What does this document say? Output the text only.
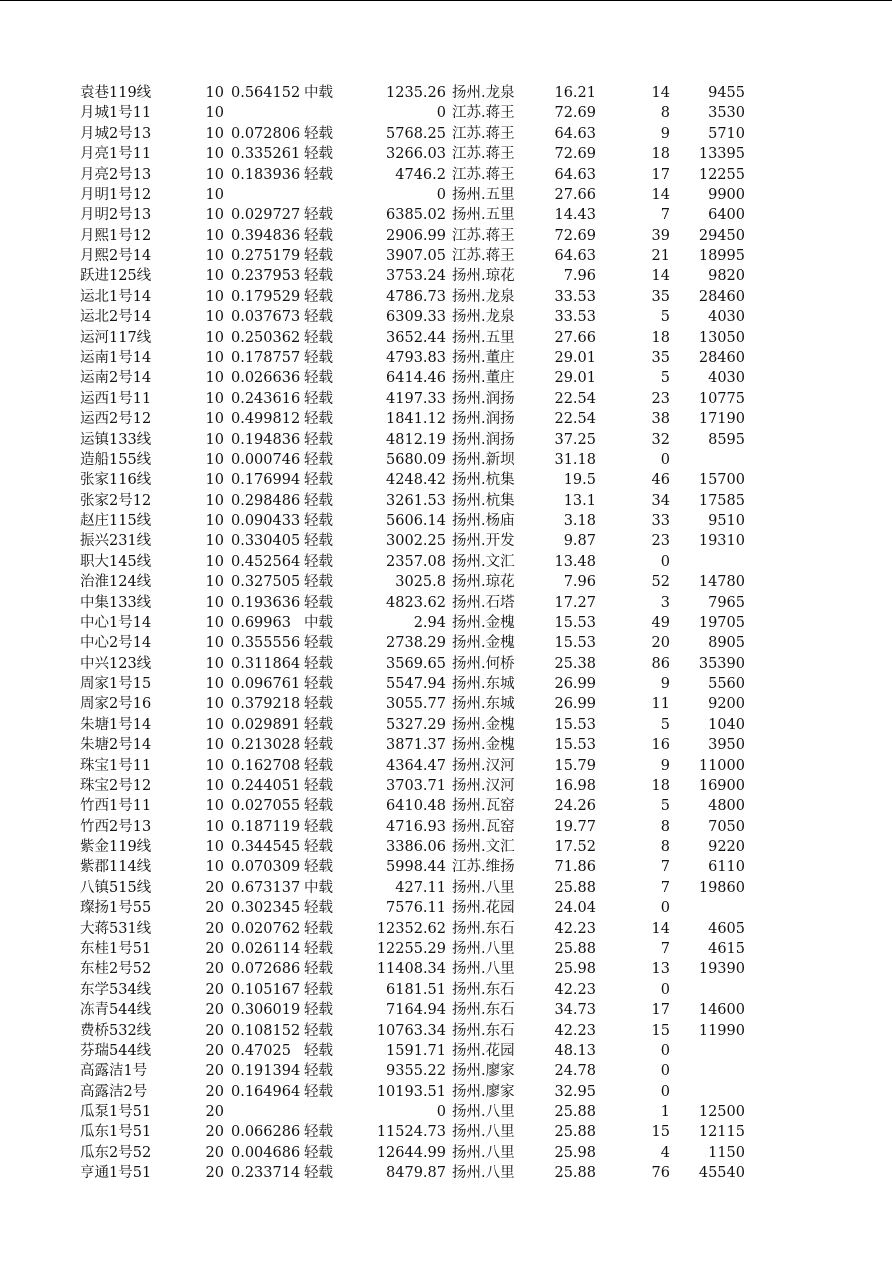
袁巷119线	10 0.564152 中载	1235.26 扬州.龙泉	16.21	14	9455
月城1号11	10	0 江苏.蒋王	72.69	8	3530
月城2号13	10 0.072806 轻载	5768.25 江苏.蒋王	64.63	9	5710
月亮1号11	10 0.335261 轻载	3266.03 江苏.蒋王	72.69	18	13395
月亮2号13	10 0.183936 轻载	4746.2 江苏.蒋王	64.63	17	12255
月明1号12	10	0 扬州.五里	27.66	14	9900
月明2号13	10 0.029727 轻载	6385.02 扬州.五里	14.43	7	6400
月熙1号12	10 0.394836 轻载	2906.99 江苏.蒋王	72.69	39	29450
月熙2号14	10 0.275179 轻载	3907.05 江苏.蒋王	64.63	21	18995
跃进125线	10 0.237953 轻载	3753.24 扬州.琼花	7.96	14	9820
运北1号14	10 0.179529 轻载	4786.73 扬州.龙泉	33.53	35	28460
运北2号14	10 0.037673 轻载	6309.33 扬州.龙泉	33.53	5	4030
运河117线	10 0.250362 轻载	3652.44 扬州.五里	27.66	18	13050
运南1号14	10 0.178757 轻载	4793.83 扬州.董庄	29.01	35	28460
运南2号14	10 0.026636 轻载	6414.46 扬州.董庄	29.01	5	4030
运西1号11	10 0.243616 轻载	4197.33 扬州.润扬	22.54	23	10775
运西2号12	10 0.499812 轻载	1841.12 扬州.润扬	22.54	38	17190
运镇133线	10 0.194836 轻载	4812.19 扬州.润扬	37.25	32	8595
造船155线	10 0.000746 轻载	5680.09 扬州.新坝	31.18	0
张家116线	10 0.176994 轻载	4248.42 扬州.杭集	19.5	46	15700
张家2号12	10 0.298486 轻载	3261.53 扬州.杭集	13.1	34	17585
赵庄115线	10 0.090433 轻载	5606.14 扬州.杨庙	3.18	33	9510
振兴231线	10 0.330405 轻载	3002.25 扬州.开发	9.87	23	19310
职大145线	10 0.452564 轻载	2357.08 扬州.文汇	13.48	0
治淮124线	10 0.327505 轻载	3025.8 扬州.琼花	7.96	52	14780
中集133线	10 0.193636 轻载	4823.62 扬州.石塔	17.27	3	7965
中心1号14	10 0.69963 中载	2.94 扬州.金槐	15.53	49	19705
中心2号14	10 0.355556 轻载	2738.29 扬州.金槐	15.53	20	8905
中兴123线	10 0.311864 轻载	3569.65 扬州.何桥	25.38	86	35390
周家1号15	10 0.096761 轻载	5547.94 扬州.东城	26.99	9	5560
周家2号16	10 0.379218 轻载	3055.77 扬州.东城	26.99	11	9200
朱塘1号14	10 0.029891 轻载	5327.29 扬州.金槐	15.53	5	1040
朱塘2号14	10 0.213028 轻载	3871.37 扬州.金槐	15.53	16	3950
珠宝1号11	10 0.162708 轻载	4364.47 扬州.汉河	15.79	9	11000
珠宝2号12	10 0.244051 轻载	3703.71 扬州.汉河	16.98	18	16900
竹西1号11	10 0.027055 轻载	6410.48 扬州.瓦窑	24.26	5	4800
竹西2号13	10 0.187119 轻载	4716.93 扬州.瓦窑	19.77	8	7050
紫金119线	10 0.344545 轻载	3386.06 扬州.文汇	17.52	8	9220
紫郡114线	10 0.070309 轻载	5998.44 江苏.维扬	71.86	7	6110
八镇515线	20 0.673137 中载	427.11 扬州.八里	25.88	7	19860
璨扬1号55	20 0.302345 轻载	7576.11 扬州.花园	24.04	0
大蒋531线	20 0.020762 轻载	12352.62 扬州.东石	42.23	14	4605
东桂1号51	20 0.026114 轻载	12255.29 扬州.八里	25.88	7	4615
东桂2号52	20 0.072686 轻载	11408.34 扬州.八里	25.98	13	19390
东学534线	20 0.105167 轻载	6181.51 扬州.东石	42.23	0
冻青544线	20 0.306019 轻载	7164.94 扬州.东石	34.73	17	14600
费桥532线	20 0.108152 轻载	10763.34 扬州.东石	42.23	15	11990
芬瑞544线	20 0.47025 轻载	1591.71 扬州.花园	48.13	0
高露洁1号	20 0.191394 轻载	9355.22 扬州.廖家	24.78	0
高露洁2号	20 0.164964 轻载	10193.51 扬州.廖家	32.95	0
瓜泵1号51	20	0 扬州.八里	25.88	1	12500
瓜东1号51	20 0.066286 轻载	11524.73 扬州.八里	25.88	15	12115
瓜东2号52	20 0.004686 轻载	12644.99 扬州.八里	25.98	4	1150
亨通1号51	20 0.233714 轻载	8479.87 扬州.八里	25.88	76	45540
